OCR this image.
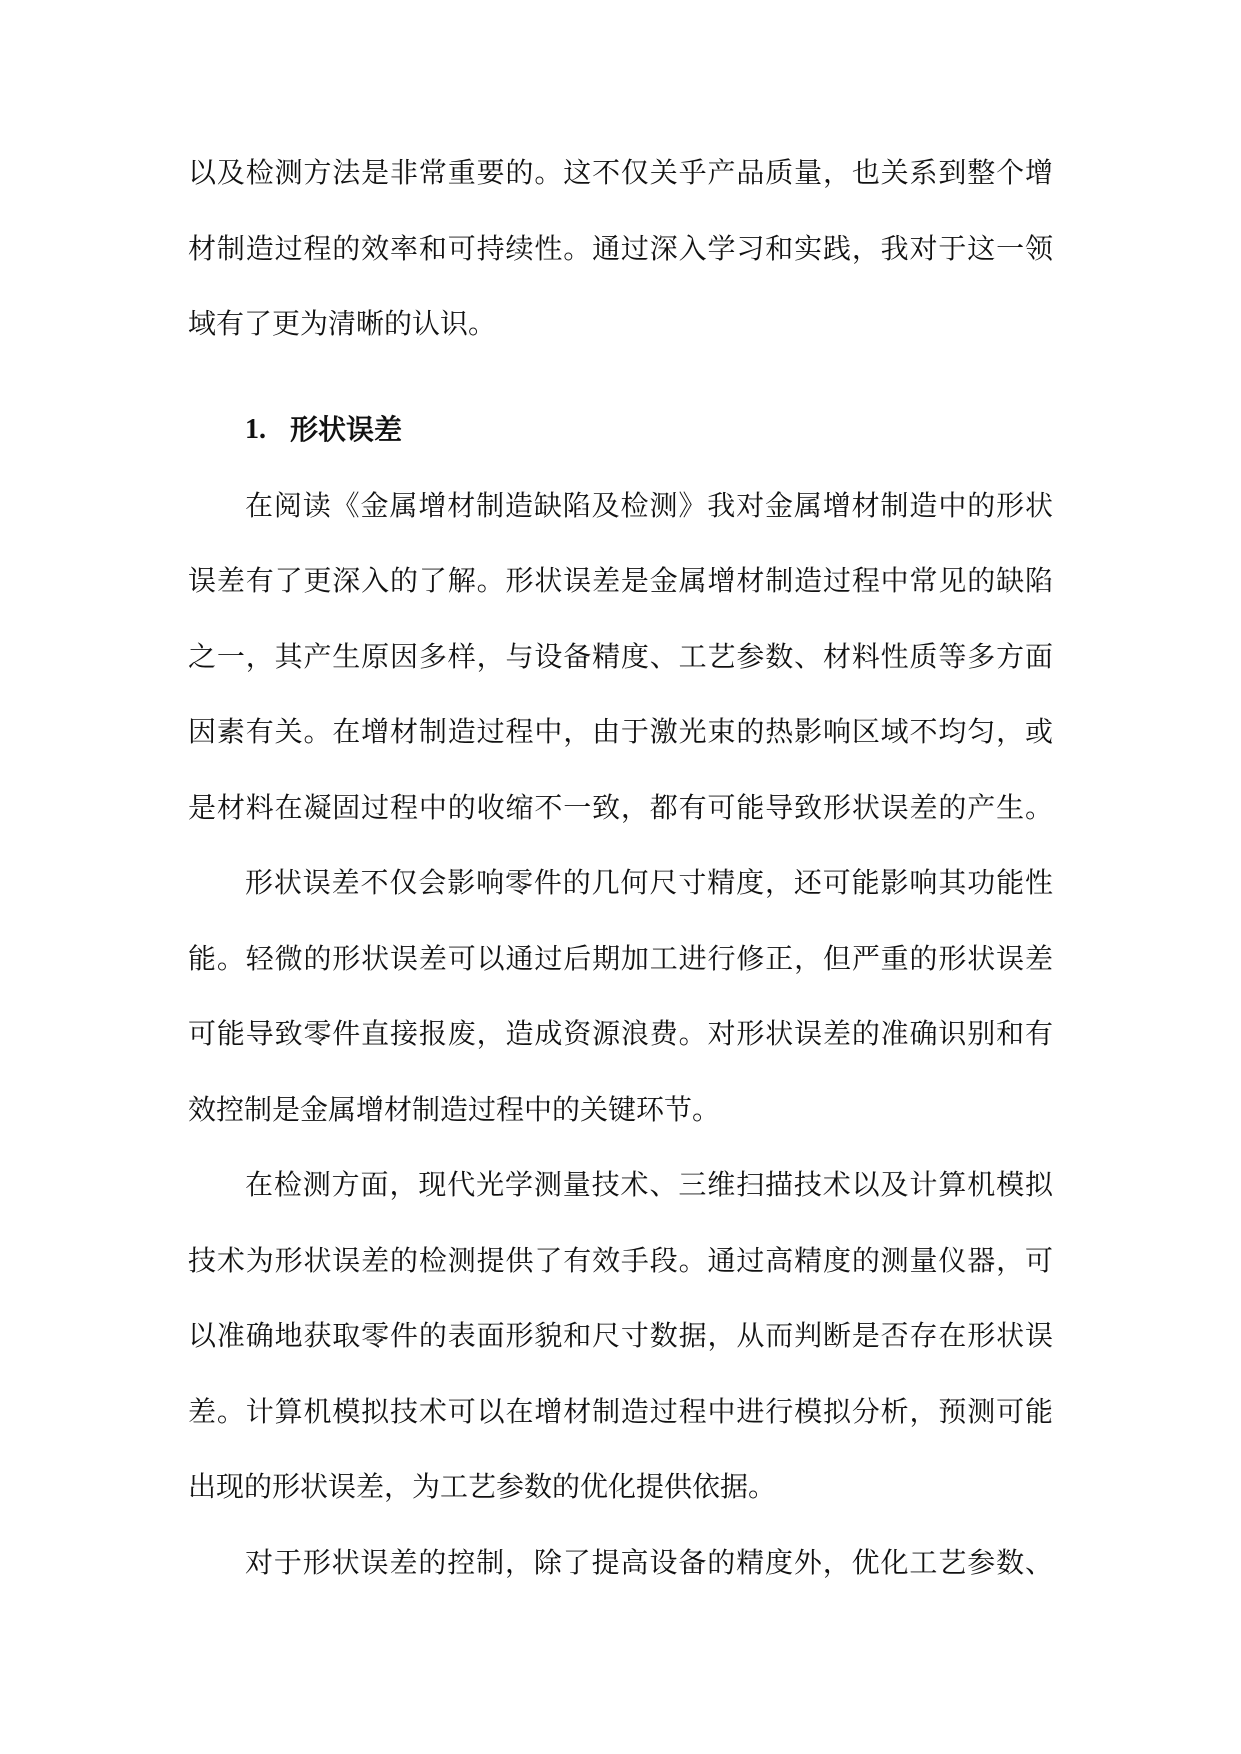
以及检测方法是非常重要的。这不仅关乎产品质量，也关系到整个增
材制造过程的效率和可持续性。通过深入学习和实践，我对于这一领
域有了更为清晰的认识。
1. 形状误差
在阅读《金属增材制造缺陷及检测》我对金属增材制造中的形状
误差有了更深入的了解。形状误差是金属增材制造过程中常见的缺陷
之一，其产生原因多样，与设备精度、工艺参数、材料性质等多方面
因素有关。在增材制造过程中，由于激光束的热影响区域不均匀，或
是材料在凝固过程中的收缩不一致，都有可能导致形状误差的产生。
形状误差不仅会影响零件的几何尺寸精度，还可能影响其功能性
能。轻微的形状误差可以通过后期加工进行修正，但严重的形状误差
可能导致零件直接报废，造成资源浪费。对形状误差的准确识别和有
效控制是金属增材制造过程中的关键环节。
在检测方面，现代光学测量技术、三维扫描技术以及计算机模拟
技术为形状误差的检测提供了有效手段。通过高精度的测量仪器，可
以准确地获取零件的表面形貌和尺寸数据，从而判断是否存在形状误
差。计算机模拟技术可以在增材制造过程中进行模拟分析，预测可能
出现的形状误差，为工艺参数的优化提供依据。
对于形状误差的控制，除了提高设备的精度外，优化工艺参数、
